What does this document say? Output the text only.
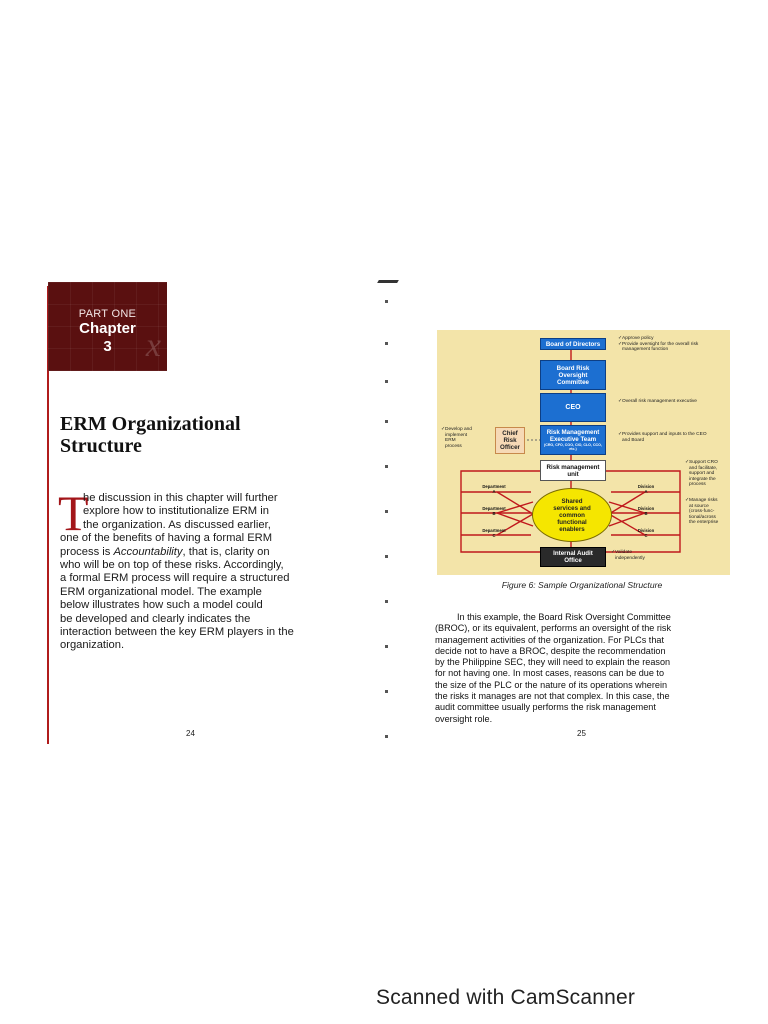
PART ONE
Chapter
3	x
ERM Organizational
Structure
T
he discussion in this chapter will further
explore how to institutionalize ERM in
the organization. As discussed earlier,
one of the benefits of having a formal ERM
process is Accountability, that is, clarity on
who will be on top of these risks. Accordingly,
a formal ERM process will require a structured
ERM organizational model. The example
below illustrates how such a model could
be developed and clearly indicates the
interaction between the key ERM players in the
organization.
24
Board of Directors
Board Risk
Oversight
Committee
CEO
Risk Management
Executive Team
(CRO, CFO, COO, CIO, CLO, CCO, etc.)
Chief
Risk
Officer
Risk management
unit
Shared
services and
common
functional
enablers
Internal Audit
Office
Department
A
Department
B
Department
C
Division
A
Division
B
Division
C
✓Approve policy
✓Provide oversight for the overall risk
management function
✓Overall risk management executive
✓Provides support and inputs to the CEO
and Board
✓Develop and
implement
ERM
process
✓Support CRO
and facilitate,
support and
integrate the
process
✓Manage risks
at source
(cross-func-
tional/across
the enterprise
✓Validate
independently
Figure 6: Sample Organizational Structure
In this example, the Board Risk Oversight Committee
(BROC), or its equivalent, performs an oversight of the risk
management activities of the organization. For PLCs that
decide not to have a BROC, despite the recommendation
by the Philippine SEC, they will need to explain the reason
for not having one. In most cases, reasons can be due to
the size of the PLC or the nature of its operations wherein
the risks it manages are not that complex. In this case, the
audit committee usually performs the risk management
oversight role.
25
Scanned with CamScanner
